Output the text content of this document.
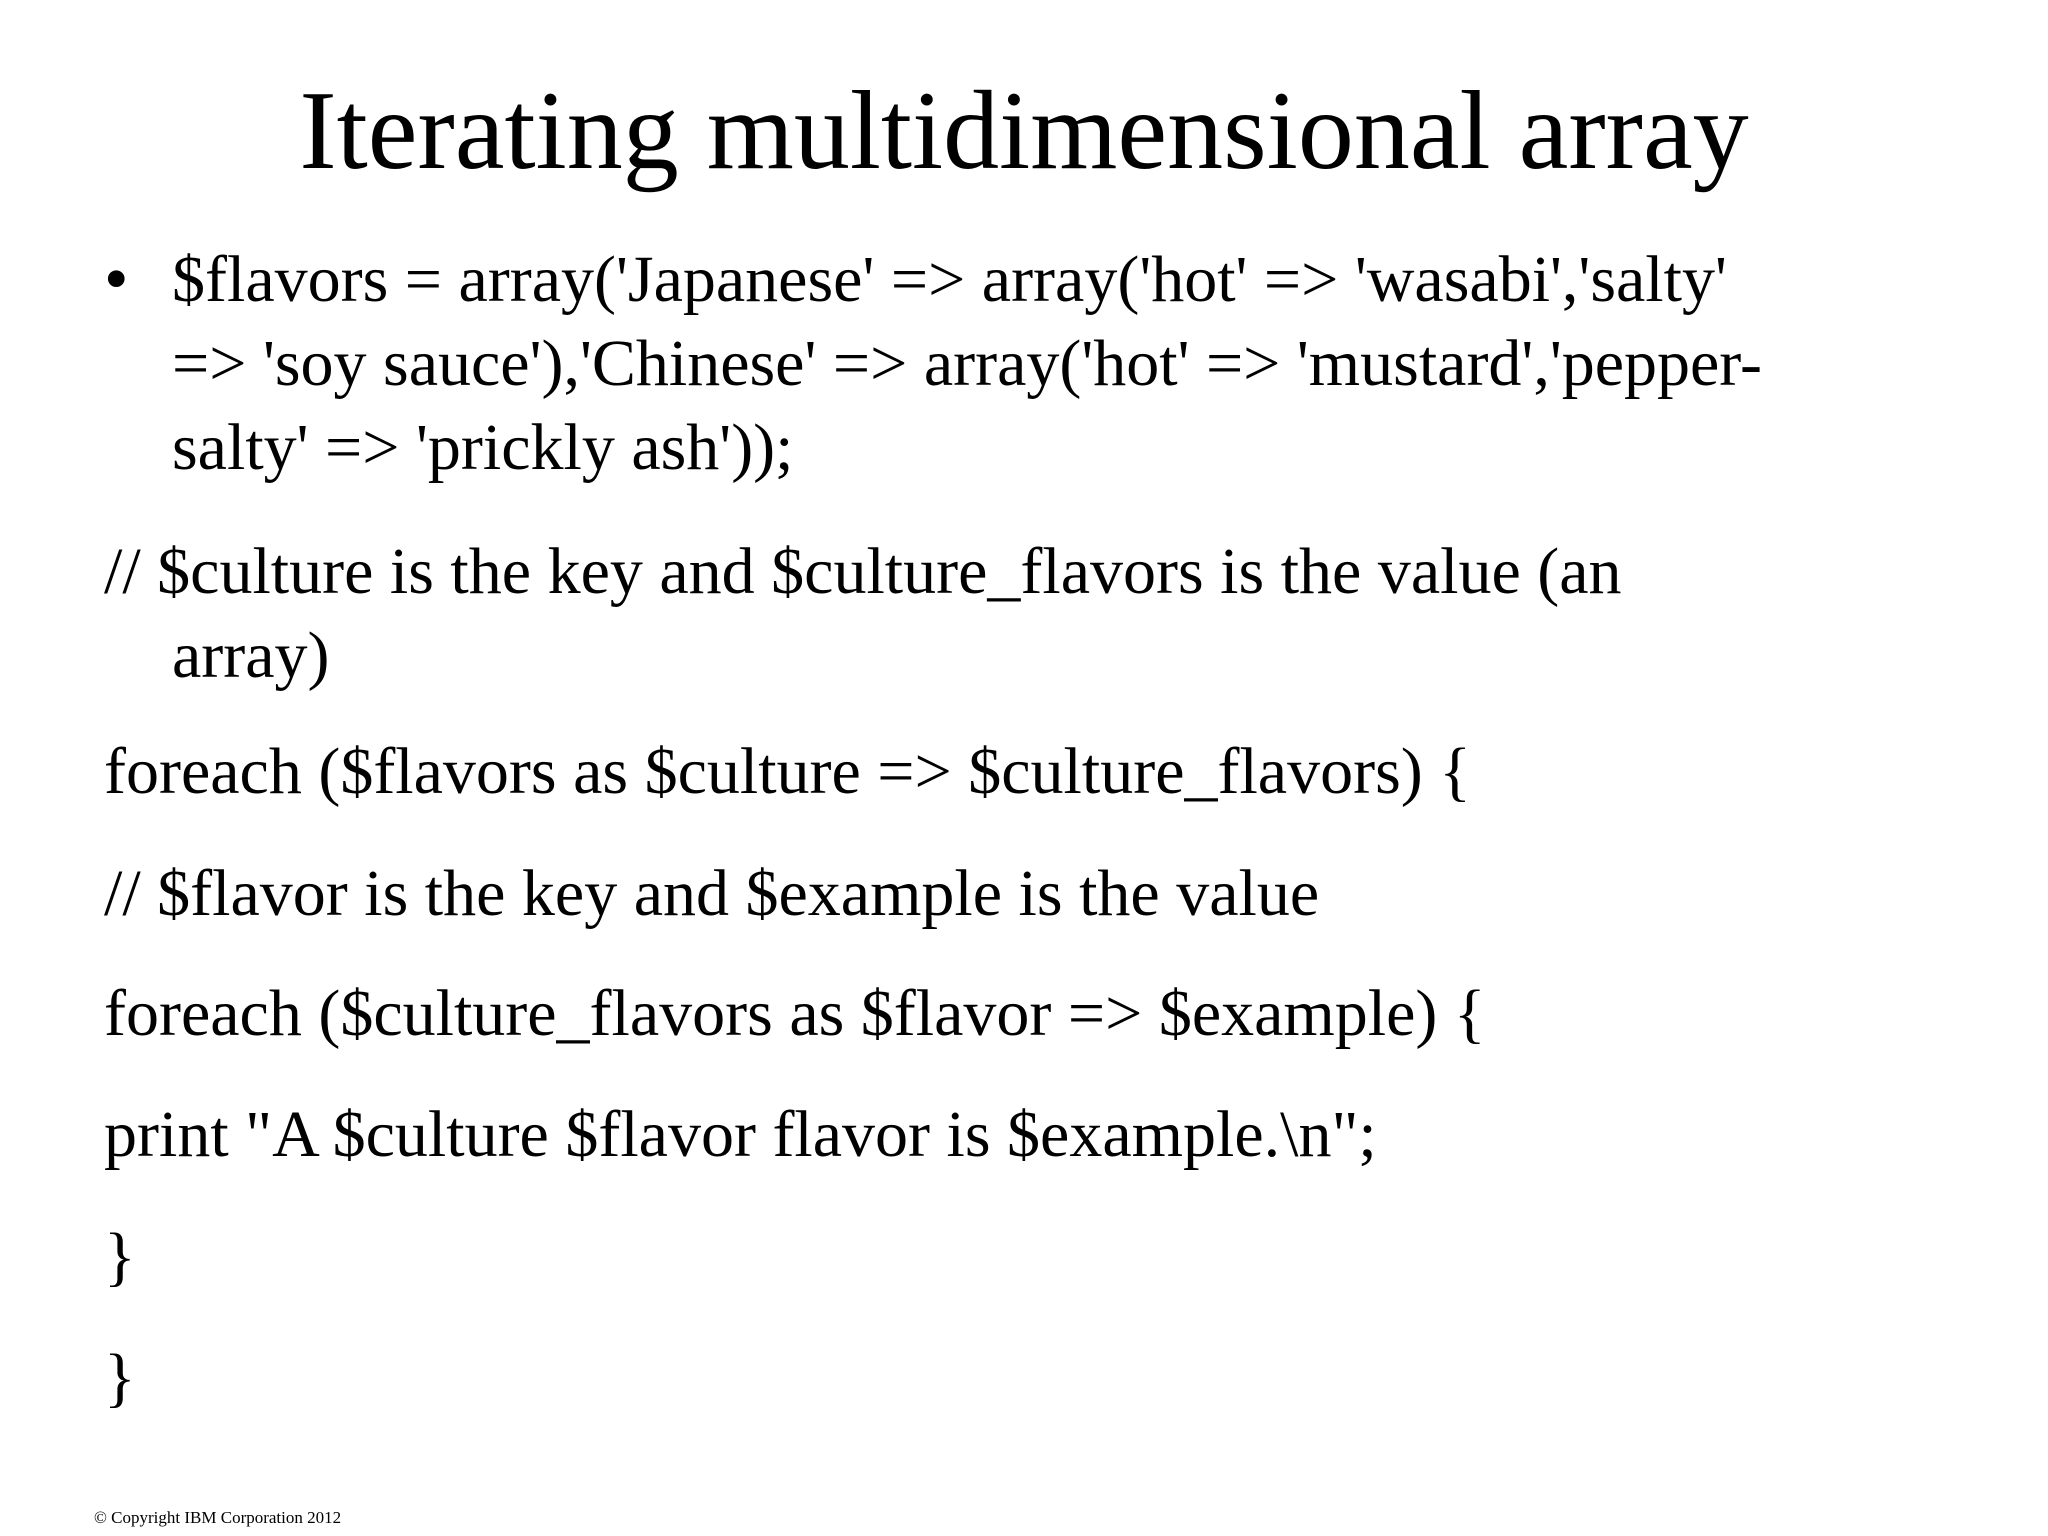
Iterating multidimensional array
• $flavors = array('Japanese' => array('hot' => 'wasabi','salty'
=> 'soy sauce'),'Chinese' => array('hot' => 'mustard','pepper-
salty' => 'prickly ash'));
// $culture is the key and $culture_flavors is the value (an
array)
foreach ($flavors as $culture => $culture_flavors) {
// $flavor is the key and $example is the value
foreach ($culture_flavors as $flavor => $example) {
print "A $culture $flavor flavor is $example.\n";
}
}
© Copyright IBM Corporation 2012
